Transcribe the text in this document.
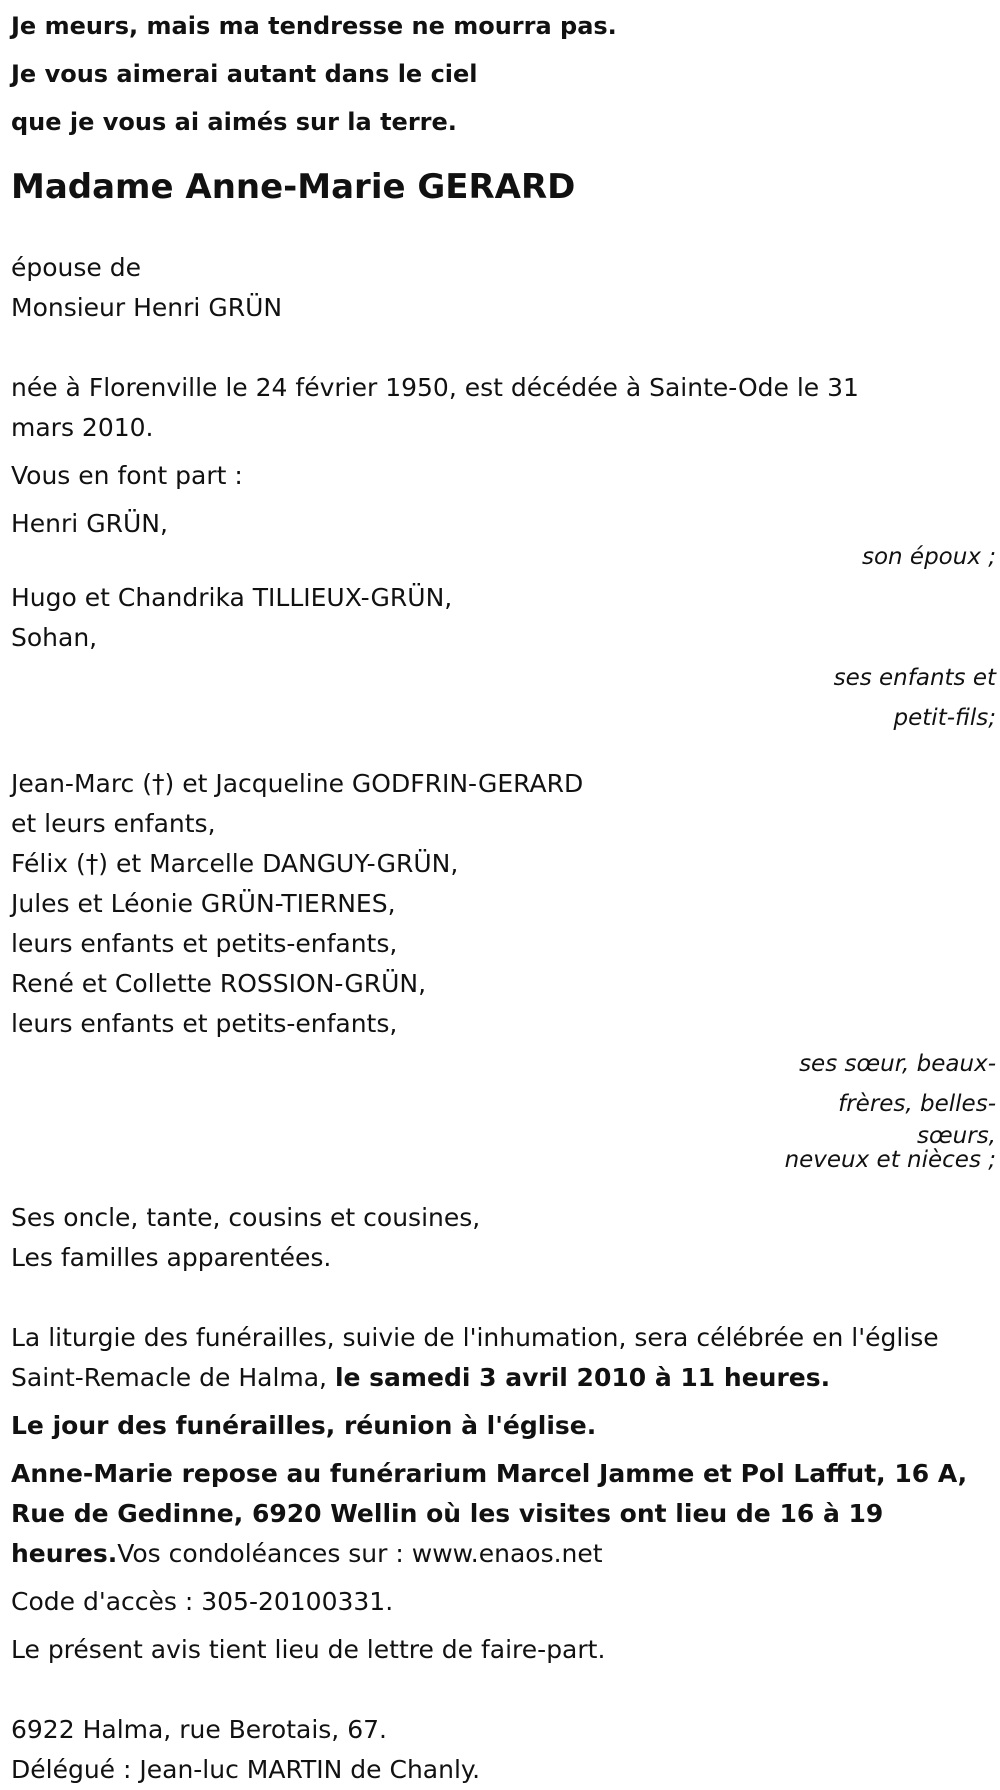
Je meurs, mais ma tendresse ne mourra pas.
Je vous aimerai autant dans le ciel
que je vous ai aimés sur la terre.
Madame Anne-Marie GERARD
épouse de
Monsieur Henri GRÜN
née à Florenville le 24 février 1950, est décédée à Sainte-Ode le 31 mars 2010.
Vous en font part :
Henri GRÜN,
son époux ;
Hugo et Chandrika TILLIEUX-GRÜN,
Sohan,
ses enfants et
petit-fils;
Jean-Marc (†) et Jacqueline GODFRIN-GERARD
et leurs enfants,
Félix (†) et Marcelle DANGUY-GRÜN,
Jules et Léonie GRÜN-TIERNES,
leurs enfants et petits-enfants,
René et Collette ROSSION-GRÜN,
leurs enfants et petits-enfants,
ses sœur, beaux-
frères, belles-
sœurs,
neveux et nièces ;
Ses oncle, tante, cousins et cousines,
Les familles apparentées.
La liturgie des funérailles, suivie de l'inhumation, sera célébrée en l'église Saint-Remacle de Halma, le samedi 3 avril 2010 à 11 heures.
Le jour des funérailles, réunion à l'église.
Anne-Marie repose au funérarium Marcel Jamme et Pol Laffut, 16 A, Rue de Gedinne, 6920 Wellin où les visites ont lieu de 16 à 19 heures.Vos condoléances sur : www.enaos.net
Code d'accès : 305-20100331.
Le présent avis tient lieu de lettre de faire-part.
6922 Halma, rue Berotais, 67.
Délégué : Jean-luc MARTIN de Chanly.
